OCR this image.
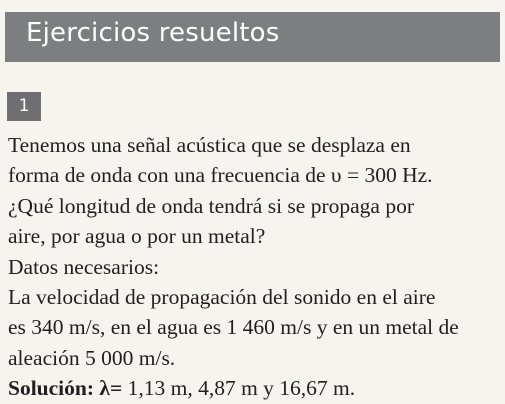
Ejercicios resueltos
1
Tenemos una señal acústica que se desplaza en
forma de onda con una frecuencia de υ = 300 Hz.
¿Qué longitud de onda tendrá si se propaga por
aire, por agua o por un metal?
Datos necesarios:
La velocidad de propagación del sonido en el aire
es 340 m/s, en el agua es 1 460 m/s y en un metal de
aleación 5 000 m/s.
Solución: λ= 1,13 m, 4,87 m y 16,67 m.
